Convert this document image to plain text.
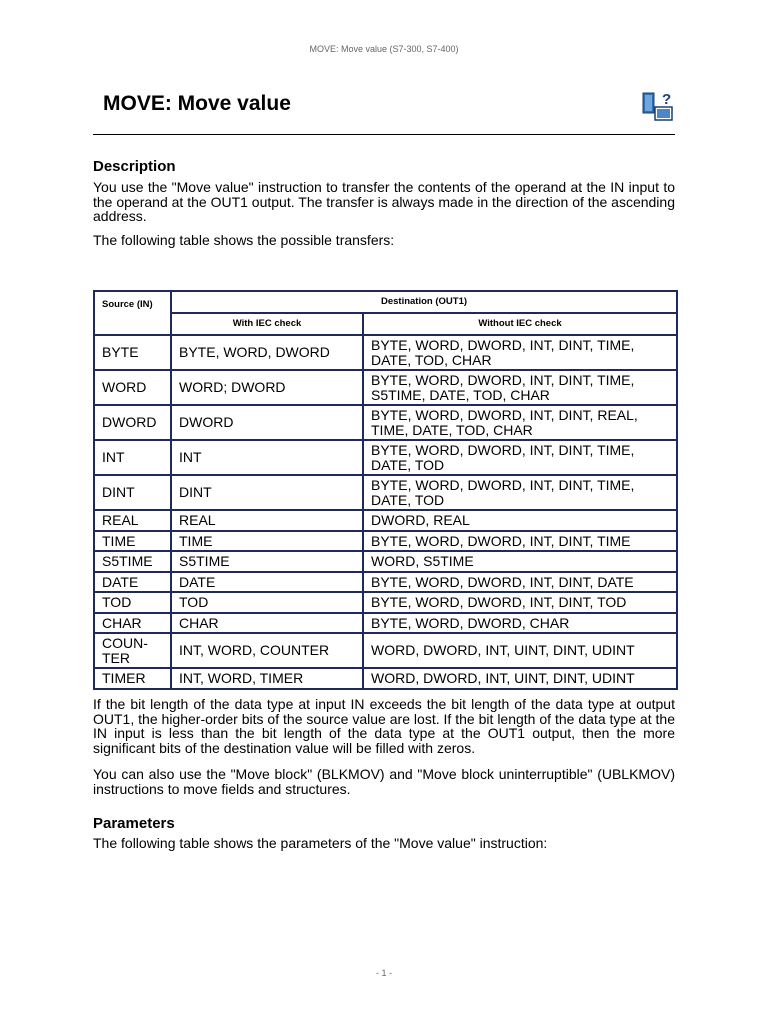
MOVE: Move value (S7-300, S7-400)
MOVE: Move value	?
Description

You use the "Move value" instruction to transfer the contents of the operand at the IN input to the operand at the OUT1 output. The transfer is always made in the direction of the ascending address.

The following table shows the possible transfers:

Source (IN)	Destination (OUT1)	
	With IEC check	Without IEC check
BYTE	BYTE, WORD, DWORD	BYTE, WORD, DWORD, INT, DINT, TIME, DATE, TOD, CHAR
WORD	WORD; DWORD	BYTE, WORD, DWORD, INT, DINT, TIME, S5TIME, DATE, TOD, CHAR
DWORD	DWORD	BYTE, WORD, DWORD, INT, DINT, REAL, TIME, DATE, TOD, CHAR
INT	INT	BYTE, WORD, DWORD, INT, DINT, TIME, DATE, TOD
DINT	DINT	BYTE, WORD, DWORD, INT, DINT, TIME, DATE, TOD
REAL	REAL	DWORD, REAL
TIME	TIME	BYTE, WORD, DWORD, INT, DINT, TIME
S5TIME	S5TIME	WORD, S5TIME
DATE	DATE	BYTE, WORD, DWORD, INT, DINT, DATE
TOD	TOD	BYTE, WORD, DWORD, INT, DINT, TOD
CHAR	CHAR	BYTE, WORD, DWORD, CHAR
COUN-TER	INT, WORD, COUNTER	WORD, DWORD, INT, UINT, DINT, UDINT
TIMER	INT, WORD, TIMER	WORD, DWORD, INT, UINT, DINT, UDINT

If the bit length of the data type at input IN exceeds the bit length of the data type at output OUT1, the higher-order bits of the source value are lost. If the bit length of the data type at the IN input is less than the bit length of the data type at the OUT1 output, then the more significant bits of the destination value will be filled with zeros.

You can also use the "Move block" (BLKMOV) and "Move block uninterruptible" (UBLKMOV) instructions to move fields and structures.

Parameters

The following table shows the parameters of the "Move value" instruction:

- 1 -
